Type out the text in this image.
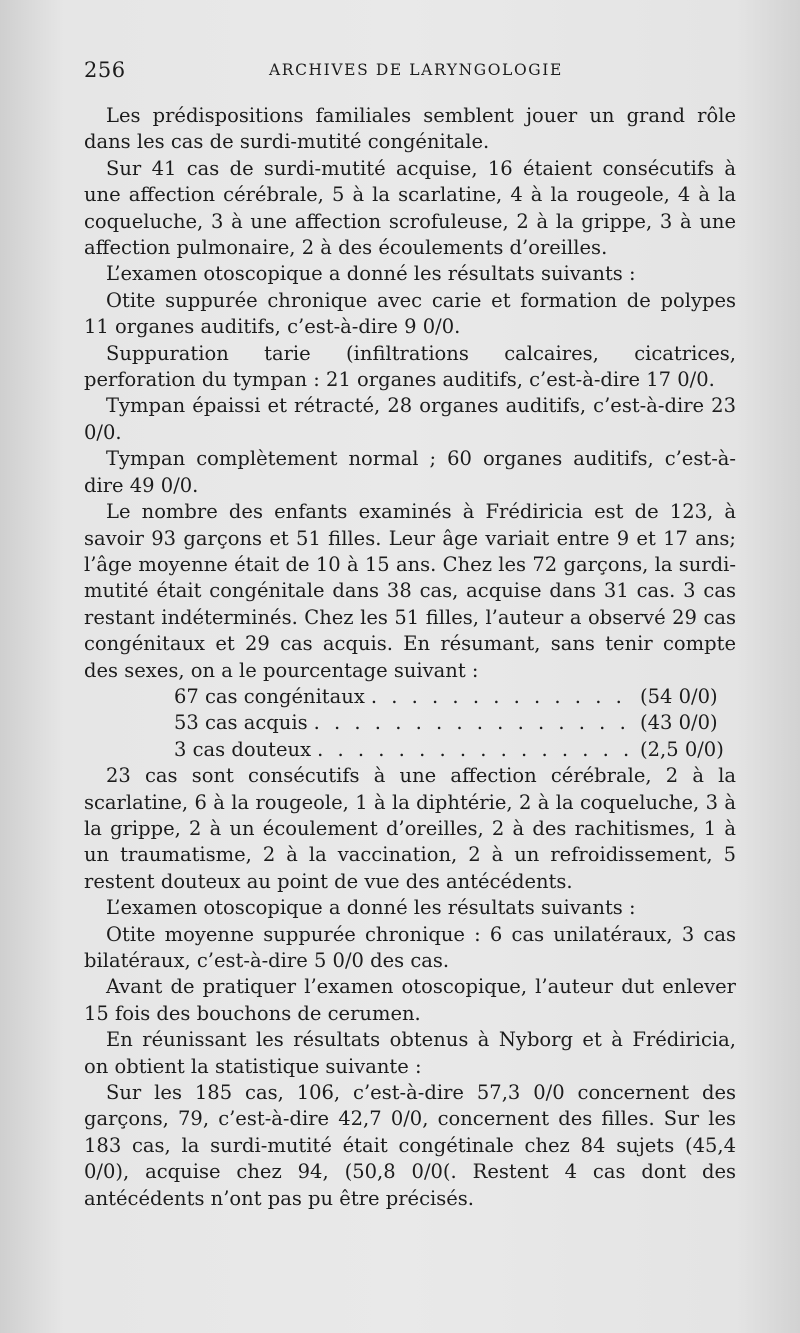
256	ARCHIVES DE LARYNGOLOGIE

Les prédispositions familiales semblent jouer un grand rôle dans les cas de surdi-mutité congénitale.

Sur 41 cas de surdi-mutité acquise, 16 étaient consécutifs à une affection cérébrale, 5 à la scarlatine, 4 à la rougeole, 4 à la coqueluche, 3 à une affection scrofuleuse, 2 à la grippe, 3 à une affection pulmonaire, 2 à des écoulements d’oreilles.

L’examen otoscopique a donné les résultats suivants :

Otite suppurée chronique avec carie et formation de polypes 11 organes auditifs, c’est-à-dire 9 0/0.

Suppuration tarie (infiltrations calcaires, cicatrices, perforation du tympan : 21 organes auditifs, c’est-à-dire 17 0/0.

Tympan épaissi et rétracté, 28 organes auditifs, c’est-à-dire 23 0/0.

Tympan complètement normal ; 60 organes auditifs, c’est-à-dire 49 0/0.

Le nombre des enfants examinés à Frédiricia est de 123, à savoir 93 garçons et 51 filles. Leur âge variait entre 9 et 17 ans; l’âge moyenne était de 10 à 15 ans. Chez les 72 garçons, la surdi-mutité était congénitale dans 38 cas, acquise dans 31 cas. 3 cas restant indéterminés. Chez les 51 filles, l’auteur a observé 29 cas congénitaux et 29 cas acquis. En résumant, sans tenir compte des sexes, on a le pourcentage suivant :

67 cas congénitaux . . .	(54 0/0)
53 cas acquis . . .	(43 0/0)
3 cas douteux . . .	(2,5 0/0)

23 cas sont consécutifs à une affection cérébrale, 2 à la scarlatine, 6 à la rougeole, 1 à la diphtérie, 2 à la coqueluche, 3 à la grippe, 2 à un écoulement d’oreilles, 2 à des rachitismes, 1 à un traumatisme, 2 à la vaccination, 2 à un refroidissement, 5 restent douteux au point de vue des antécédents.

L’examen otoscopique a donné les résultats suivants :

Otite moyenne suppurée chronique : 6 cas unilatéraux, 3 cas bilatéraux, c’est-à-dire 5 0/0 des cas.

Avant de pratiquer l’examen otoscopique, l’auteur dut enlever 15 fois des bouchons de cerumen.

En réunissant les résultats obtenus à Nyborg et à Frédiricia, on obtient la statistique suivante :

Sur les 185 cas, 106, c’est-à-dire 57,3 0/0 concernent des garçons, 79, c’est-à-dire 42,7 0/0, concernent des filles. Sur les 183 cas, la surdi-mutité était congétinale chez 84 sujets (45,4 0/0), acquise chez 94, (50,8 0/0(. Restent 4 cas dont des antécédents n’ont pas pu être précisés.
